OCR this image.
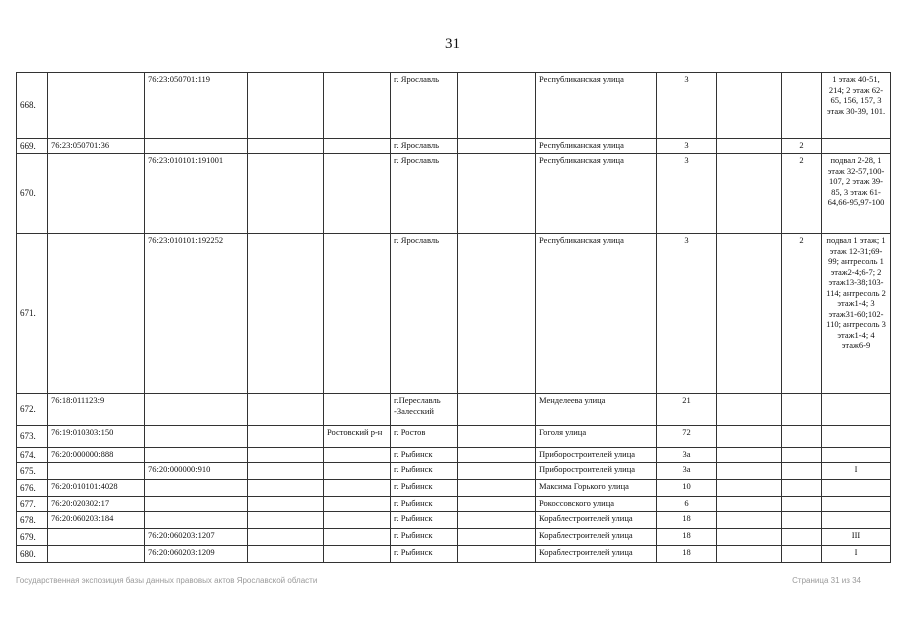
31
668.		76:23:050701:119			г. Ярославль		Республиканская улица	3			1 этаж 40-51, 214; 2 этаж 62-65, 156, 157, 3 этаж 30-39, 101.
669.	76:23:050701:36				г. Ярославль		Республиканская улица	3		2	
670.		76:23:010101:191001			г. Ярославль		Республиканская улица	3		2	подвал 2-28, 1 этаж 32-57,100-107, 2 этаж 39-85, 3 этаж 61-64,66-95,97-100
671.		76:23:010101:192252			г. Ярославль		Республиканская улица	3		2	подвал 1 этаж; 1 этаж 12-31;69-99; антресоль 1 этаж2-4;6-7; 2 этаж13-38;103-114; антресоль 2 этаж1-4; 3 этаж31-60;102-110; антресоль 3 этаж1-4; 4 этаж6-9
672.	76:18:011123:9				г.Переславль -Залесский		Менделеева улица	21			
673.	76:19:010303:150			Ростовский р-н	г. Ростов		Гоголя улица	72			
674.	76:20:000000:888				г. Рыбинск		Приборостроителей улица	3а			
675.		76:20:000000:910			г. Рыбинск		Приборостроителей улица	3а			I
676.	76:20:010101:4028				г. Рыбинск		Максима Горького улица	10			
677.	76:20:020302:17				г. Рыбинск		Рокоссовского улица	6			
678.	76:20:060203:184				г. Рыбинск		Кораблестроителей улица	18			
679.		76:20:060203:1207			г. Рыбинск		Кораблестроителей улица	18			III
680.		76:20:060203:1209			г. Рыбинск		Кораблестроителей улица	18			I
Государственная экспозиция базы данных правовых актов Ярославской области	Страница 31 из 34
